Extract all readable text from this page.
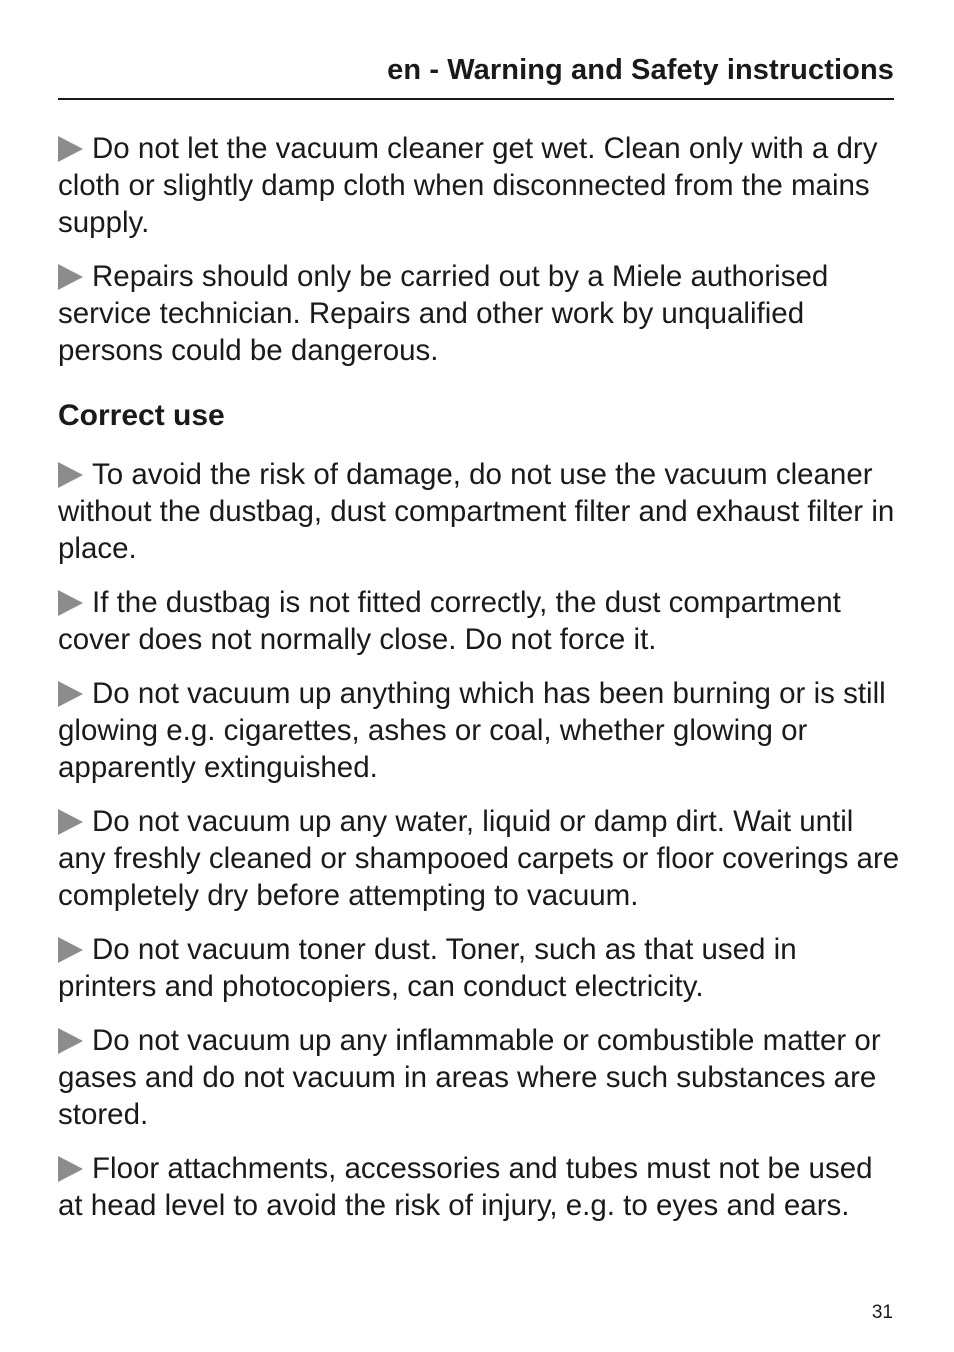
en - Warning and Safety instructions

Do not let the vacuum cleaner get wet. Clean only with a dry cloth or slightly damp cloth when disconnected from the mains supply.

Repairs should only be carried out by a Miele authorised service technician. Repairs and other work by unqualified persons could be dangerous.

Correct use

To avoid the risk of damage, do not use the vacuum cleaner without the dustbag, dust compartment filter and exhaust filter in place.

If the dustbag is not fitted correctly, the dust compartment cover does not normally close. Do not force it.

Do not vacuum up anything which has been burning or is still glowing e.g. cigarettes, ashes or coal, whether glowing or apparently extinguished.

Do not vacuum up any water, liquid or damp dirt. Wait until any freshly cleaned or shampooed carpets or floor coverings are completely dry before attempting to vacuum.

Do not vacuum toner dust. Toner, such as that used in printers and photocopiers, can conduct electricity.

Do not vacuum up any inflammable or combustible matter or gases and do not vacuum in areas where such substances are stored.

Floor attachments, accessories and tubes must not be used at head level to avoid the risk of injury, e.g. to eyes and ears.

31
